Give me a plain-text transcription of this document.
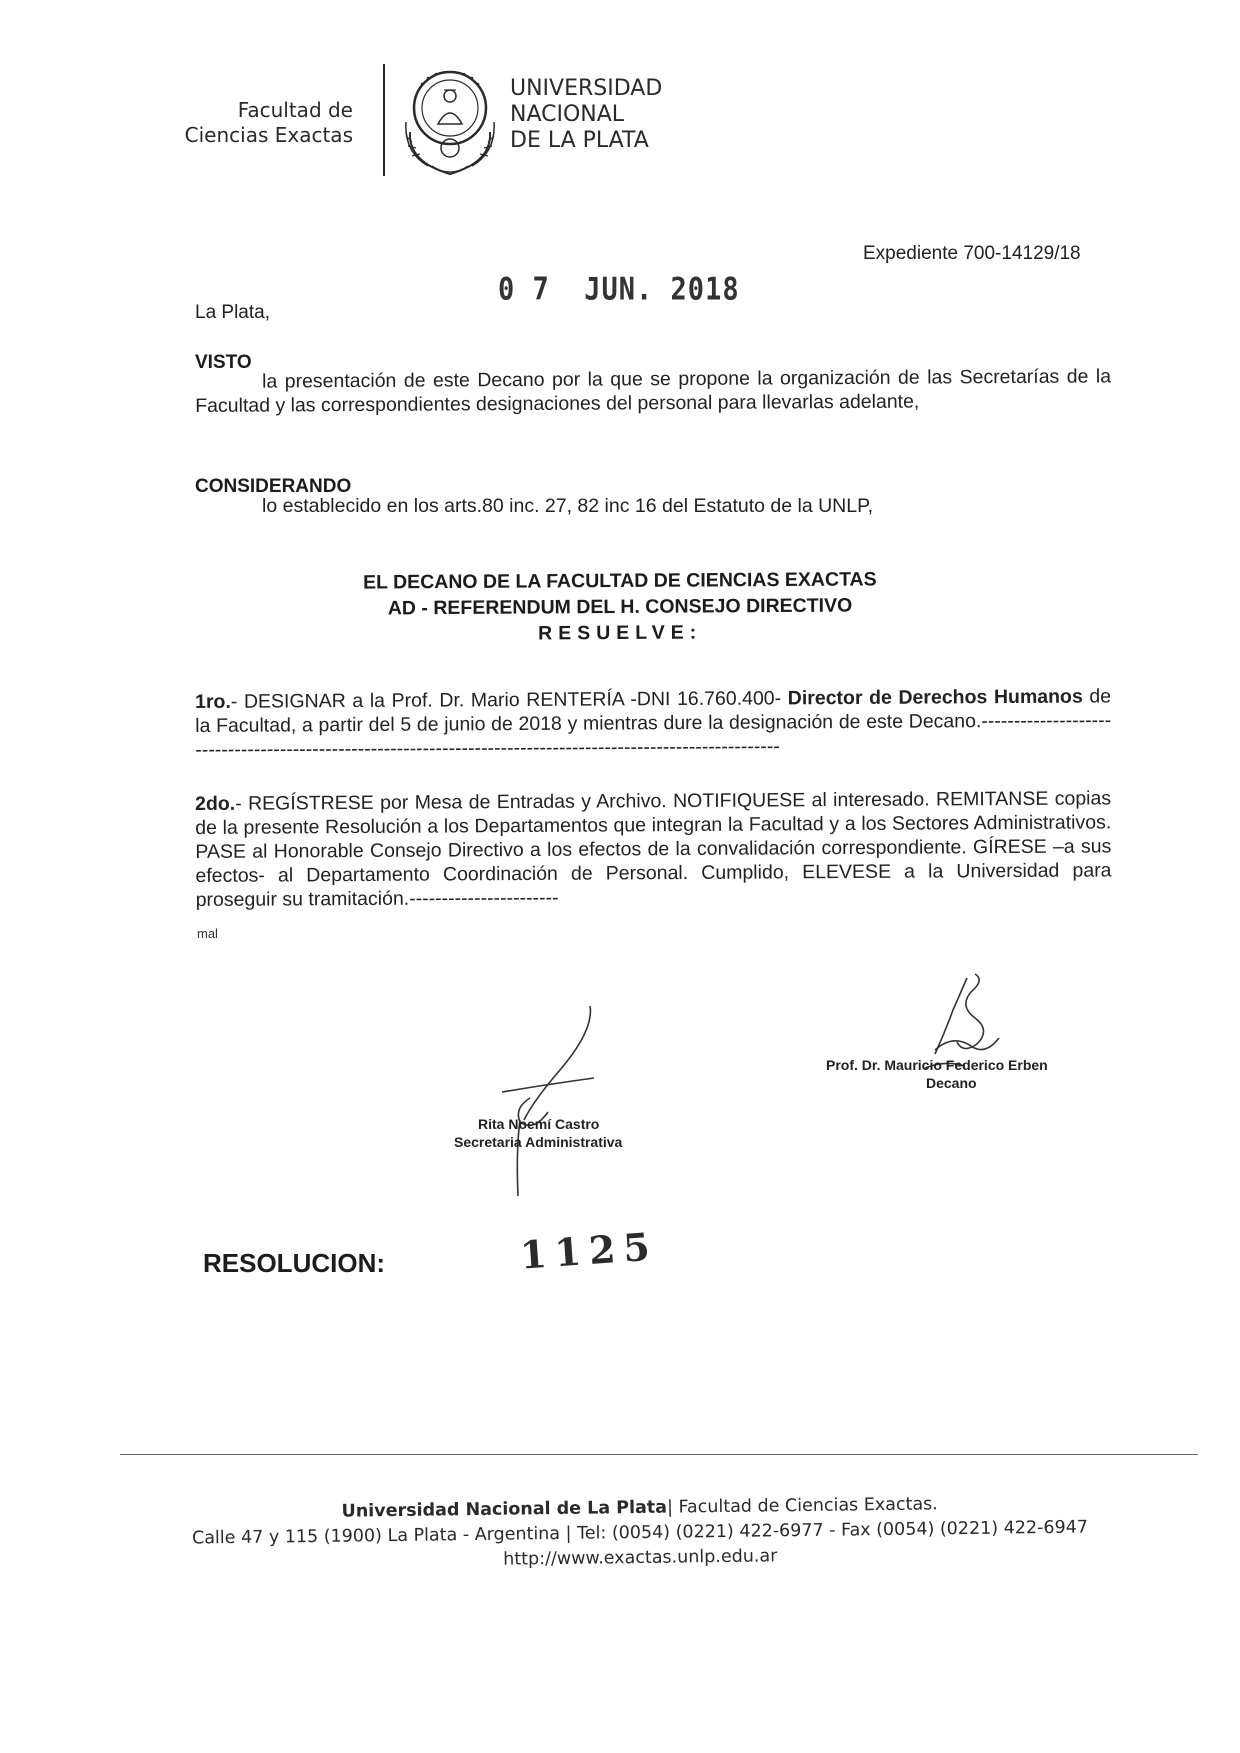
Facultad de
Ciencias Exactas
UNIVERSIDAD
NACIONAL
DE LA PLATA
Expediente 700-14129/18
0 7  JUN. 2018
La Plata,
VISTO
la presentación de este Decano por la que se propone la organización de las Secretarías de la Facultad y las correspondientes designaciones del personal para llevarlas adelante,
CONSIDERANDO
lo establecido en los arts.80 inc. 27, 82 inc 16 del Estatuto de la UNLP,
EL DECANO DE LA FACULTAD DE CIENCIAS EXACTAS
AD - REFERENDUM DEL H. CONSEJO DIRECTIVO
RESUELVE:
1ro.- DESIGNAR a la Prof. Dr. Mario RENTERÍA -DNI 16.760.400- Director de Derechos Humanos de la Facultad, a partir del 5 de junio de 2018 y mientras dure la designación de este Decano.--------------------------------------------------------------------------------------------------------------
2do.- REGÍSTRESE por Mesa de Entradas y Archivo. NOTIFIQUESE al interesado. REMITANSE copias de la presente Resolución a los Departamentos que integran la Facultad y a los Sectores Administrativos. PASE al Honorable Consejo Directivo a los efectos de la convalidación correspondiente. GÍRESE –a sus efectos- al Departamento Coordinación de Personal. Cumplido, ELEVESE a la Universidad para proseguir su tramitación.-----------------------
mal
Prof. Dr. Mauricio Federico Erben
Decano
Rita Noemí Castro
Secretaria Administrativa
RESOLUCION:	1125
Universidad Nacional de La Plata| Facultad de Ciencias Exactas.
Calle 47 y 115 (1900) La Plata - Argentina | Tel: (0054) (0221) 422-6977 - Fax (0054) (0221) 422-6947
http://www.exactas.unlp.edu.ar
